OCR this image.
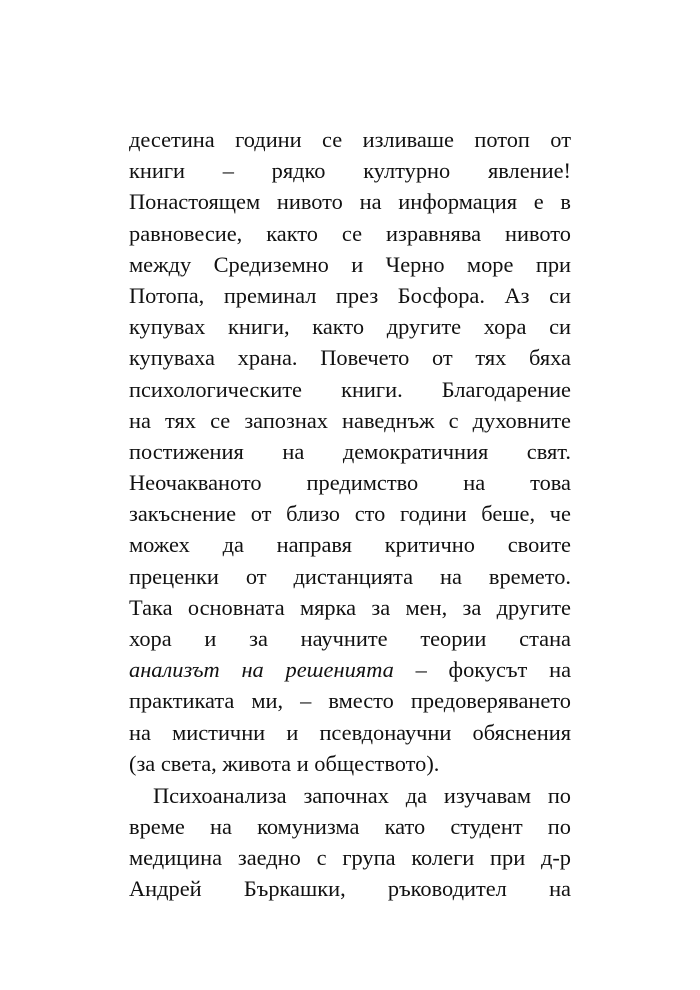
десетина години се изливаше потоп от
книги – рядко културно явление!
Понастоящем нивото на информация е в
равновесие, както се изравнява нивото
между Средиземно и Черно море при
Потопа, преминал през Босфора. Аз си
купувах книги, както другите хора си
купуваха храна. Повечето от тях бяха
психологическите книги. Благодарение
на тях се запознах наведнъж с духовните
постижения на демократичния свят.
Неочакваното предимство на това
закъснение от близо сто години беше, че
можех да направя критично своите
преценки от дистанцията на времето.
Така основната мярка за мен, за другите
хора и за научните теории стана
анализът на решенията – фокусът на
практиката ми, – вместо предоверяването
на мистични и псевдонаучни обяснения
(за света, живота и обществото).
Психоанализа започнах да изучавам по
време на комунизма като студент по
медицина заедно с група колеги при д-р
Андрей Бъркашки, ръководител на
